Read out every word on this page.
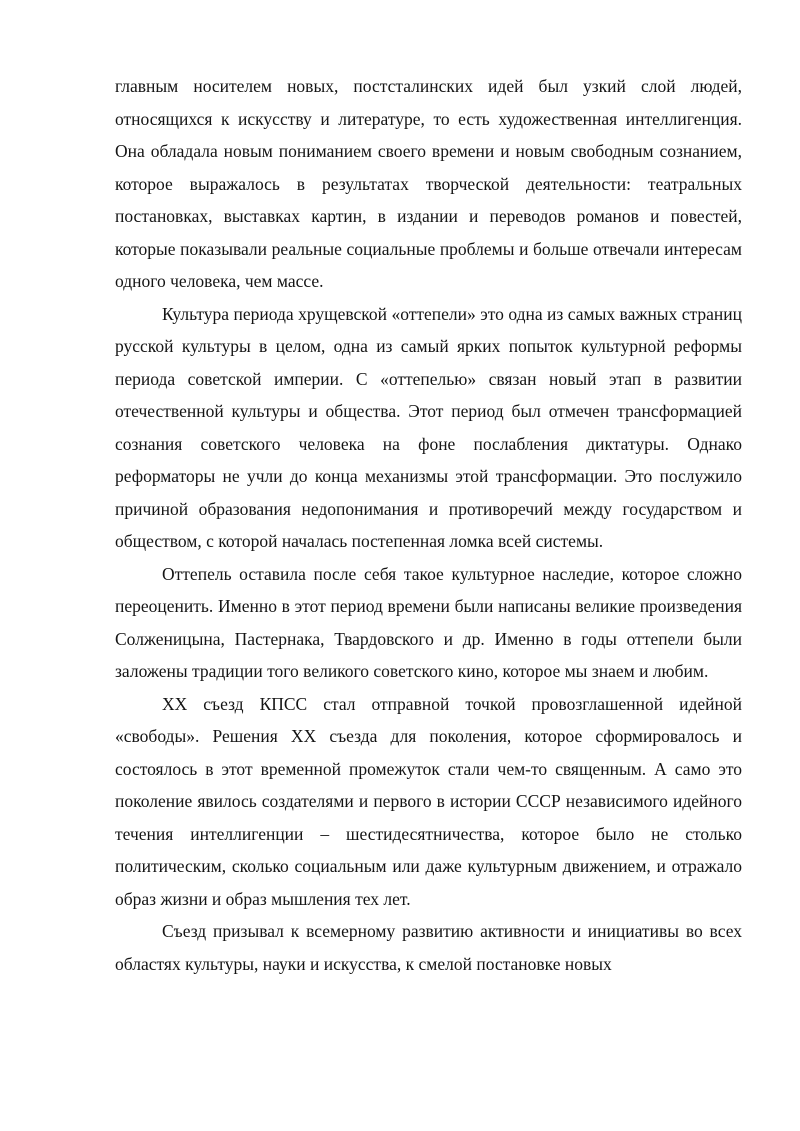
главным носителем новых, постсталинских идей был узкий слой людей, относящихся к искусству и литературе, то есть художественная интеллигенция. Она обладала новым пониманием своего времени и новым свободным сознанием, которое выражалось в результатах творческой деятельности: театральных постановках, выставках картин, в издании и переводов романов и повестей, которые показывали реальные социальные проблемы и больше отвечали интересам одного человека, чем массе.

Культура периода хрущевской «оттепели» это одна из самых важных страниц русской культуры в целом, одна из самый ярких попыток культурной реформы периода советской империи. С «оттепелью» связан новый этап в развитии отечественной культуры и общества. Этот период был отмечен трансформацией сознания советского человека на фоне послабления диктатуры. Однако реформаторы не учли до конца механизмы этой трансформации. Это послужило причиной образования недопонимания и противоречий между государством и обществом, с которой началась постепенная ломка всей системы.

Оттепель оставила после себя такое культурное наследие, которое сложно переоценить. Именно в этот период времени были написаны великие произведения Солженицына, Пастернака, Твардовского и др. Именно в годы оттепели были заложены традиции того великого советского кино, которое мы знаем и любим.

XX съезд КПСС стал отправной точкой провозглашенной идейной «свободы». Решения XX съезда для поколения, которое сформировалось и состоялось в этот временной промежуток стали чем-то священным. А само это поколение явилось создателями и первого в истории СССР независимого идейного течения интеллигенции – шестидесятничества, которое было не столько политическим, сколько социальным или даже культурным движением, и отражало образ жизни и образ мышления тех лет.

Съезд призывал к всемерному развитию активности и инициативы во всех областях культуры, науки и искусства, к смелой постановке новых
